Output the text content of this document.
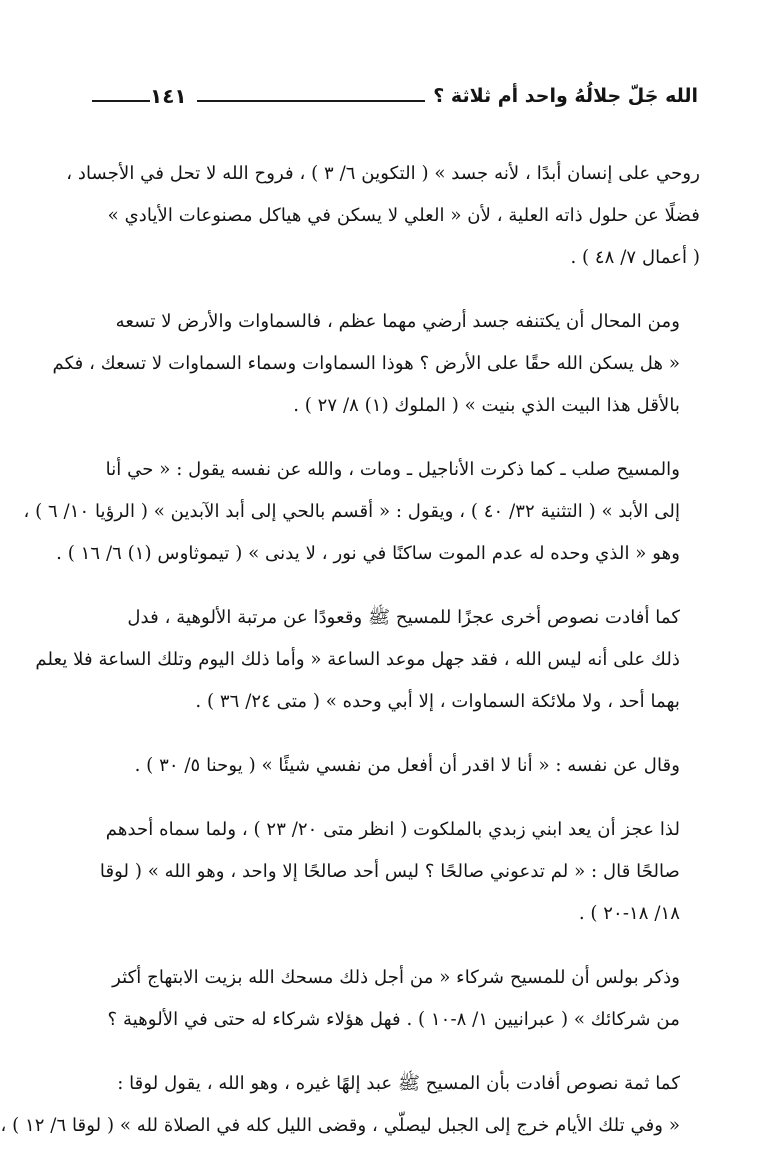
الله جَلّ جلالُهُ واحد أم ثلاثة ؟
١٤١
روحي على إنسان أبدًا ، لأنه جسد » ( التكوين ٦/ ٣ ) ، فروح الله لا تحل في الأجساد ،
فضلًا عن حلول ذاته العلية ، لأن « العلي لا يسكن في هياكل مصنوعات الأيادي »
( أعمال ٧/ ٤٨ ) .
ومن المحال أن يكتنفه جسد أرضي مهما عظم ، فالسماوات والأرض لا تسعه
« هل يسكن الله حقًا على الأرض ؟ هوذا السماوات وسماء السماوات لا تسعك ، فكم
بالأقل هذا البيت الذي بنيت » ( الملوك (١) ٨/ ٢٧ ) .
والمسيح صلب ـ كما ذكرت الأناجيل ـ ومات ، والله عن نفسه يقول : « حي أنا
إلى الأبد » ( التثنية ٣٢/ ٤٠ ) ، ويقول : « أقسم بالحي إلى أبد الآبدين » ( الرؤيا ١٠/ ٦ ) ،
وهو « الذي وحده له عدم الموت ساكنًا في نور ، لا يدنى » ( تيموثاوس (١) ٦/ ١٦ ) .
كما أفادت نصوص أخرى عجزًا للمسيح ﷺ وقعودًا عن مرتبة الألوهية ، فدل
ذلك على أنه ليس الله ، فقد جهل موعد الساعة « وأما ذلك اليوم وتلك الساعة فلا يعلم
بهما أحد ، ولا ملائكة السماوات ، إلا أبي وحده » ( متى ٢٤/ ٣٦ ) .
وقال عن نفسه : « أنا لا اقدر أن أفعل من نفسي شيئًا » ( يوحنا ٥/ ٣٠ ) .
لذا عجز أن يعد ابني زبدي بالملكوت ( انظر متى ٢٠/ ٢٣ ) ، ولما سماه أحدهم
صالحًا قال : « لم تدعوني صالحًا ؟ ليس أحد صالحًا إلا واحد ، وهو الله » ( لوقا
١٨/ ١٨-٢٠ ) .
وذكر بولس أن للمسيح شركاء « من أجل ذلك مسحك الله بزيت الابتهاج أكثر
من شركائك » ( عبرانيين ١/ ٨-١٠ ) . فهل هؤلاء شركاء له حتى في الألوهية ؟
كما ثمة نصوص أفادت بأن المسيح ﷺ عبد إلهًا غيره ، وهو الله ، يقول لوقا :
« وفي تلك الأيام خرج إلى الجبل ليصلّي ، وقضى الليل كله في الصلاة لله » ( لوقا ٦/ ١٢ ) ،
